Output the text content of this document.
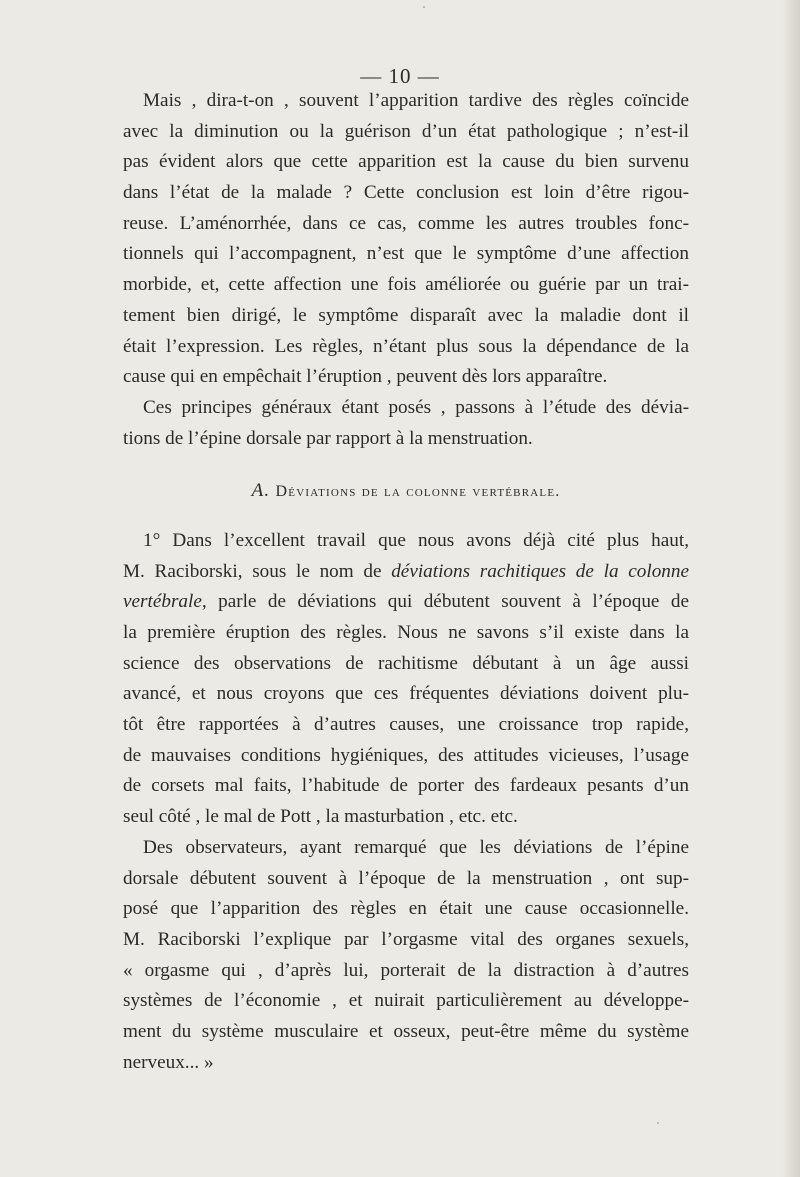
— 10 —
Mais , dira-t-on , souvent l’apparition tardive des règles coïncide
avec la diminution ou la guérison d’un état pathologique ; n’est-il
pas évident alors que cette apparition est la cause du bien survenu
dans l’état de la malade ? Cette conclusion est loin d’être rigou-
reuse. L’aménorrhée, dans ce cas, comme les autres troubles fonc-
tionnels qui l’accompagnent, n’est que le symptôme d’une affection
morbide, et, cette affection une fois améliorée ou guérie par un trai-
tement bien dirigé, le symptôme disparaît avec la maladie dont il
était l’expression. Les règles, n’étant plus sous la dépendance de la
cause qui en empêchait l’éruption , peuvent dès lors apparaître.
Ces principes généraux étant posés , passons à l’étude des dévia-
tions de l’épine dorsale par rapport à la menstruation.
A. Déviations de la colonne vertébrale.
1° Dans l’excellent travail que nous avons déjà cité plus haut,
M. Raciborski, sous le nom de déviations rachitiques de la colonne
vertébrale, parle de déviations qui débutent souvent à l’époque de
la première éruption des règles. Nous ne savons s’il existe dans la
science des observations de rachitisme débutant à un âge aussi
avancé, et nous croyons que ces fréquentes déviations doivent plu-
tôt être rapportées à d’autres causes, une croissance trop rapide,
de mauvaises conditions hygiéniques, des attitudes vicieuses, l’usage
de corsets mal faits, l’habitude de porter des fardeaux pesants d’un
seul côté , le mal de Pott , la masturbation , etc. etc.
Des observateurs, ayant remarqué que les déviations de l’épine
dorsale débutent souvent à l’époque de la menstruation , ont sup-
posé que l’apparition des règles en était une cause occasionnelle.
M. Raciborski l’explique par l’orgasme vital des organes sexuels,
« orgasme qui , d’après lui, porterait de la distraction à d’autres
systèmes de l’économie , et nuirait particulièrement au développe-
ment du système musculaire et osseux, peut-être même du système
nerveux... »
